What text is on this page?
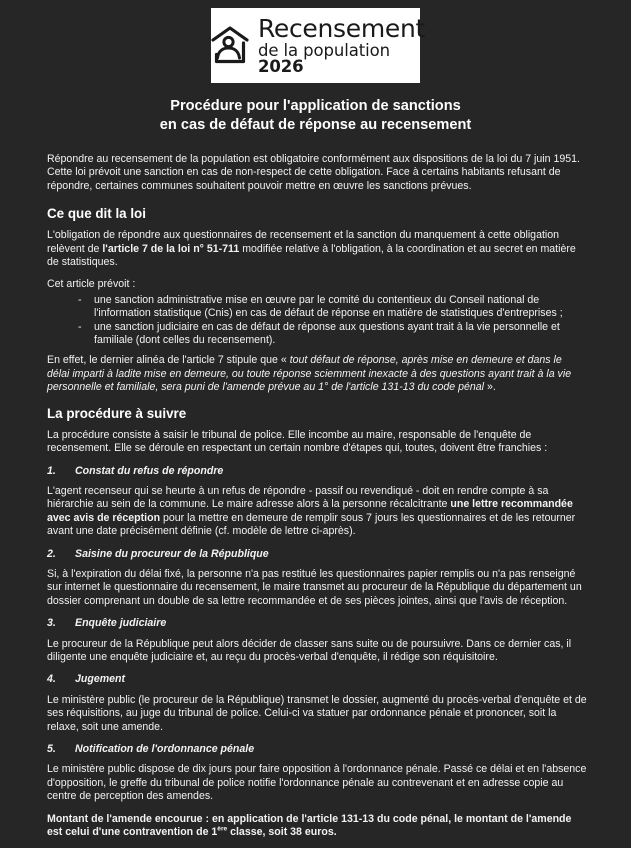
Recensement
de la population 2026
Procédure pour l'application de sanctions
en cas de défaut de réponse au recensement

Répondre au recensement de la population est obligatoire conformément aux dispositions de la loi du 7 juin 1951. Cette loi prévoit une sanction en cas de non-respect de cette obligation. Face à certains habitants refusant de répondre, certaines communes souhaitent pouvoir mettre en œuvre les sanctions prévues.

Ce que dit la loi

L'obligation de répondre aux questionnaires de recensement et la sanction du manquement à cette obligation relèvent de l'article 7 de la loi n° 51-711 modifiée relative à l'obligation, à la coordination et au secret en matière de statistiques.

Cet article prévoit :

- une sanction administrative mise en œuvre par le comité du contentieux du Conseil national de l'information statistique (Cnis) en cas de défaut de réponse en matière de statistiques d'entreprises ;
- une sanction judiciaire en cas de défaut de réponse aux questions ayant trait à la vie personnelle et familiale (dont celles du recensement).

En effet, le dernier alinéa de l'article 7 stipule que « tout défaut de réponse, après mise en demeure et dans le délai imparti à ladite mise en demeure, ou toute réponse sciemment inexacte à des questions ayant trait à la vie personnelle et familiale, sera puni de l'amende prévue au 1° de l'article 131-13 du code pénal ».

La procédure à suivre

La procédure consiste à saisir le tribunal de police. Elle incombe au maire, responsable de l'enquête de recensement. Elle se déroule en respectant un certain nombre d'étapes qui, toutes, doivent être franchies :

1.	Constat du refus de répondre

L'agent recenseur qui se heurte à un refus de répondre - passif ou revendiqué - doit en rendre compte à sa hiérarchie au sein de la commune. Le maire adresse alors à la personne récalcitrante une lettre recommandée avec avis de réception pour la mettre en demeure de remplir sous 7 jours les questionnaires et de les retourner avant une date précisément définie (cf. modèle de lettre ci-après).

2.	Saisine du procureur de la République

Si, à l'expiration du délai fixé, la personne n'a pas restitué les questionnaires papier remplis ou n'a pas renseigné sur internet le questionnaire du recensement, le maire transmet au procureur de la République du département un dossier comprenant un double de sa lettre recommandée et de ses pièces jointes, ainsi que l'avis de réception.

3.	Enquête judiciaire

Le procureur de la République peut alors décider de classer sans suite ou de poursuivre. Dans ce dernier cas, il diligente une enquête judiciaire et, au reçu du procès-verbal d'enquête, il rédige son réquisitoire.

4.	Jugement

Le ministère public (le procureur de la République) transmet le dossier, augmenté du procès-verbal d'enquête et de ses réquisitions, au juge du tribunal de police. Celui-ci va statuer par ordonnance pénale et prononcer, soit la relaxe, soit une amende.

5.	Notification de l'ordonnance pénale

Le ministère public dispose de dix jours pour faire opposition à l'ordonnance pénale. Passé ce délai et en l'absence d'opposition, le greffe du tribunal de police notifie l'ordonnance pénale au contrevenant et en adresse copie au centre de perception des amendes.

Montant de l'amende encourue : en application de l'article 131-13 du code pénal, le montant de l'amende est celui d'une contravention de 1ère classe, soit 38 euros.
